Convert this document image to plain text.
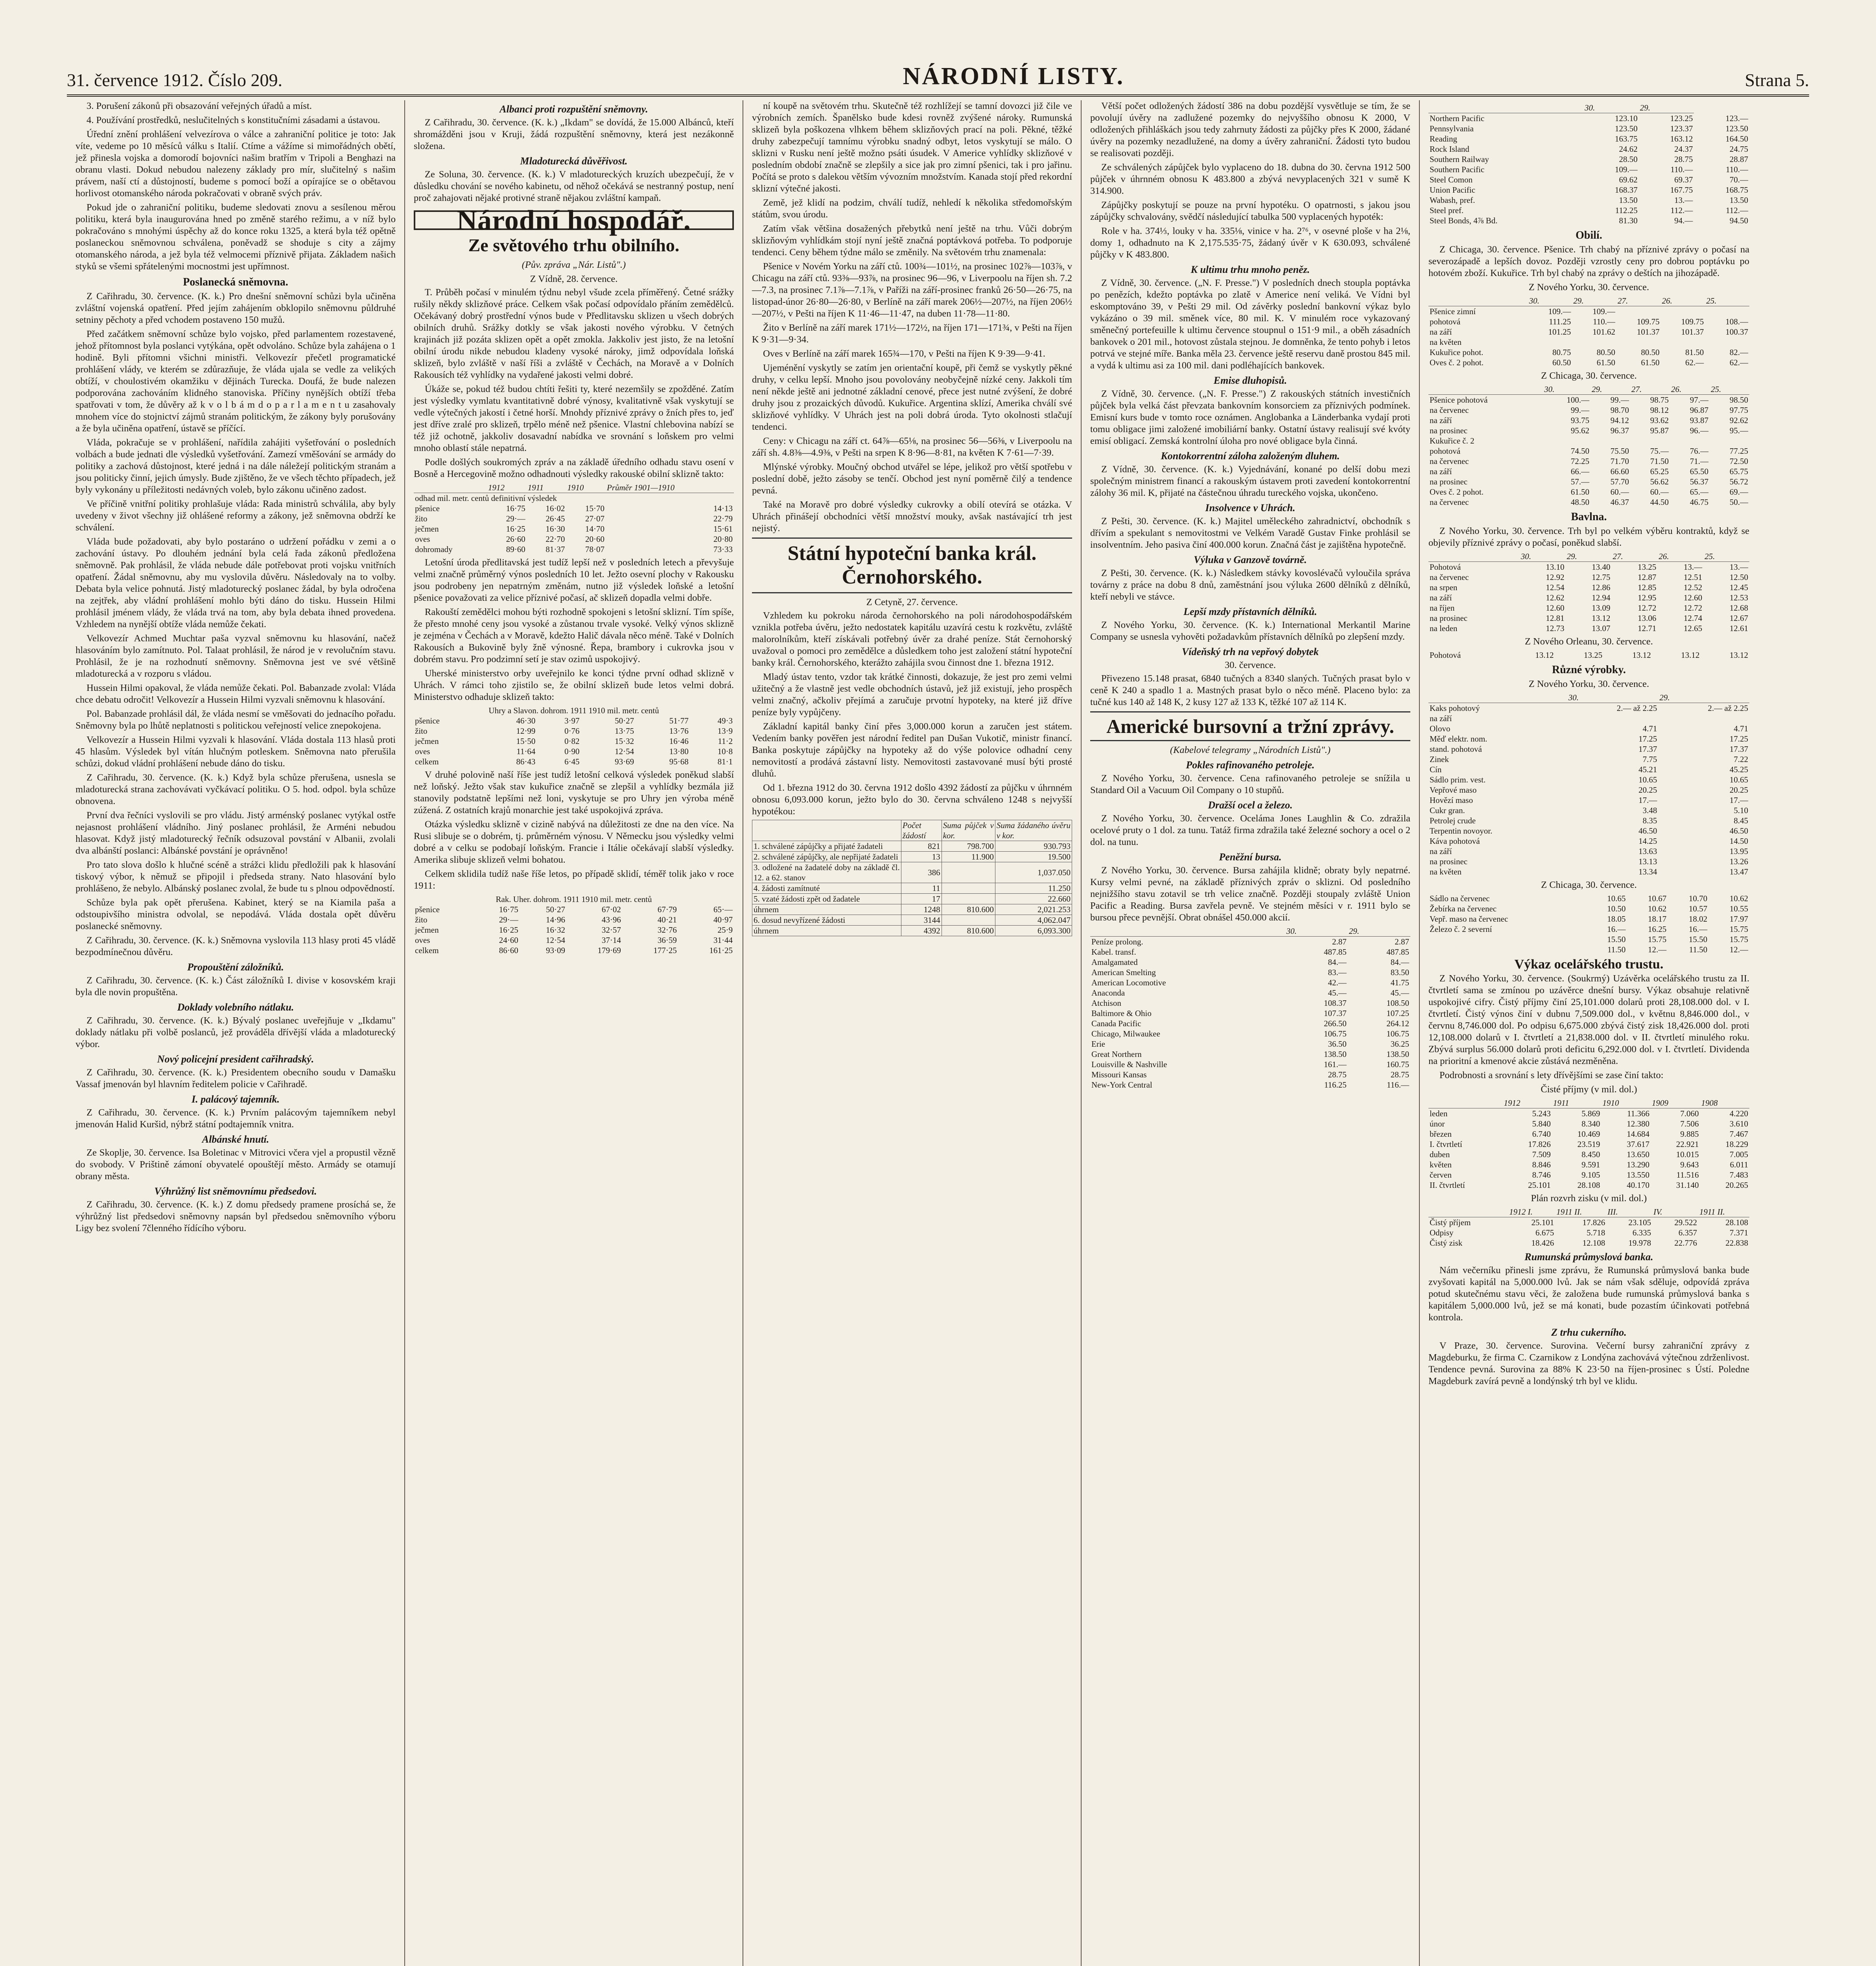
31. července 1912. Číslo 209.	NÁRODNÍ LISTY.	Strana 5.

3. Porušení zákonů při obsazování veřejných úřadů a míst.

4. Používání prostředků, neslučitelných s konstitučními zásadami a ústavou.

Úřední znění prohlášení velvezírova o válce a zahraniční politice je toto: Jak víte, vedeme po 10 měsíců válku s Italií. Ctíme a vážíme si mimořádných obětí, jež přinesla vojska a domorodí bojovníci našim bratřím v Tripoli a Benghazi na obranu vlasti. Dokud nebudou nalezeny základy pro mír, slučitelný s našim právem, naší ctí a důstojností, budeme s pomocí boží a opírajíce se o obětavou horlivost otomanského národa pokračovati v obraně svých práv.

Pokud jde o zahraniční politiku, budeme sledovati znovu a sesílenou měrou politiku, která byla inaugurována hned po změně starého režimu, a v níž bylo pokračováno s mnohými úspěchy až do konce roku 1325, a která byla též opětně poslaneckou sněmovnou schválena, poněvadž se shoduje s city a zájmy otomanského národa, a jež byla též velmocemi příznivě přijata. Základem našich styků se všemi spřátelenými mocnostmi jest upřímnost.

Poslanecká sněmovna.

Z Cařihradu, 30. července. (K. k.) Pro dnešní sněmovní schůzi byla učiněna zvláštní vojenská opatření. Před jejím zahájením obklopilo sněmovnu půldruhé setniny pěchoty a před vchodem postaveno 150 mužů.

Před začátkem sněmovní schůze bylo vojsko, před parlamentem rozestavené, jehož přítomnost byla poslanci vytýkána, opět odvoláno. Schůze byla zahájena o 1 hodině. Byli přítomni všichni ministři. Velkovezír přečetl programatické prohlášení vlády, ve kterém se zdůrazňuje, že vláda ujala se vedle za velikých obtíží, v choulostivém okamžiku v dějinách Turecka. Doufá, že bude nalezen podporována zachováním klidného stanoviska. Příčiny nynějších obtíží třeba spatřovati v tom, že důvěry až k v o l b á m d o p a r l a m e n t u zasahovaly mnohem více do stojnictví zájmů stranám politickým, že zákony byly porušovány a že byla učiněna opatření, ústavě se příčící.

Vláda, pokračuje se v prohlášení, nařídila zahájiti vyšetřování o posledních volbách a bude jednati dle výsledků vyšetřování. Zamezí vměšování se armády do politiky a zachová důstojnost, které jedná i na dále náležejí politickým stranám a jsou politicky činní, jejich úmysly. Bude zjištěno, že ve všech těchto případech, jež byly vykonány u příležitosti nedávných voleb, bylo zákonu učiněno zadost.

Ve příčině vnitřní politiky prohlašuje vláda: Rada ministrů schválila, aby byly uvedeny v život všechny již ohlášené reformy a zákony, jež sněmovna obdrží ke schválení.

Vláda bude požadovati, aby bylo postaráno o udržení pořádku v zemi a o zachování ústavy. Po dlouhém jednání byla celá řada zákonů předložena sněmovně. Pak prohlásil, že vláda nebude dále potřebovat proti vojsku vnitřních opatření. Žádal sněmovnu, aby mu vyslovila důvěru. Následovaly na to volby. Debata byla velice pohnutá. Jistý mladoturecký poslanec žádal, by byla odročena na zejtřek, aby vládní prohlášení mohlo býti dáno do tisku. Hussein Hilmi prohlásil jménem vlády, že vláda trvá na tom, aby byla debata ihned provedena. Vzhledem na nynější obtíže vláda nemůže čekati.

Velkovezír Achmed Muchtar paša vyzval sněmovnu ku hlasování, načež hlasováním bylo zamítnuto. Pol. Talaat prohlásil, že národ je v revolučním stavu. Prohlásil, že je na rozhodnutí sněmovny. Sněmovna jest ve své většině mladoturecká a v rozporu s vládou.

Hussein Hilmi opakoval, že vláda nemůže čekati. Pol. Babanzade zvolal: Vláda chce debatu odročit! Velkovezír a Hussein Hilmi vyzvali sněmovnu k hlasování.

Pol. Babanzade prohlásil dál, že vláda nesmí se vměšovati do jednacího pořadu. Sněmovny byla po lhůtě neplatnosti s politickou veřejností velice znepokojena.

Velkovezír a Hussein Hilmi vyzvali k hlasování. Vláda dostala 113 hlasů proti 45 hlasům. Výsledek byl vítán hlučným potleskem. Sněmovna nato přerušila schůzi, dokud vládní prohlášení nebude dáno do tisku.

Z Cařihradu, 30. července. (K. k.) Když byla schůze přerušena, usnesla se mladoturecká strana zachovávati vyčkávací politiku. O 5. hod. odpol. byla schůze obnovena.

První dva řečníci vyslovili se pro vládu. Jistý arménský poslanec vytýkal ostře nejasnost prohlášení vládního. Jiný poslanec prohlásil, že Arméni nebudou hlasovat. Když jistý mladoturecký řečník odsuzoval povstání v Albanii, zvolali dva albánští poslanci: Albánské povstání je oprávněno!

Pro tato slova došlo k hlučné scéně a strážci klidu předložili pak k hlasování tiskový výbor, k němuž se připojil i předseda strany. Nato hlasování bylo prohlášeno, že nebylo. Albánský poslanec zvolal, že bude tu s plnou odpovědností.

Schůze byla pak opět přerušena. Kabinet, který se na Kiamila paša a odstoupivšího ministra odvolal, se nepodává. Vláda dostala opět důvěru poslanecké sněmovny.

Z Cařihradu, 30. července. (K. k.) Sněmovna vyslovila 113 hlasy proti 45 vládě bezpodmínečnou důvěru.

Propouštění záložníků.

Z Cařihradu, 30. července. (K. k.) Část záložníků I. divise v kosovském kraji byla dle novin propuštěna.

Doklady volebního nátlaku.

Z Cařihradu, 30. července. (K. k.) Bývalý poslanec uveřejňuje v „Ikdamu" doklady nátlaku při volbě poslanců, jež prováděla dřívější vláda a mladoturecký výbor.

Nový policejní president cařihradský.

Z Cařihradu, 30. července. (K. k.) Presidentem obecního soudu v Damašku Vassaf jmenován byl hlavním ředitelem policie v Cařihradě.

I. palácový tajemník.

Z Cařihradu, 30. července. (K. k.) Prvním palácovým tajemníkem nebyl jmenován Halid Kuršid, nýbrž státní podtajemník vnitra.

Albánské hnutí.

Ze Skoplje, 30. července. Isa Boletinac v Mitrovici včera vjel a propustil vězně do svobody. V Prištině zámoní obyvatelé opouštějí město. Armády se otamují obrany města.

Výhrůžný list sněmovnímu předsedovi.

Z Cařihradu, 30. července. (K. k.) Z domu předsedy pramene prosíchá se, že výhrůžný list předsedovi sněmovny napsán byl předsedou sněmovního výboru Ligy bez svolení 7členného řídícího výboru.

Albanci proti rozpuštění sněmovny.

Z Cařihradu, 30. července. (K. k.) „Ikdam" se dovídá, že 15.000 Albánců, kteří shromážděni jsou v Kruji, žádá rozpuštění sněmovny, která jest nezákonně složena.

Mladoturecká důvěřivost.

Ze Soluna, 30. července. (K. k.) V mladotureckých kruzích ubezpečují, že v důsledku chování se nového kabinetu, od něhož očekává se nestranný postup, není proč zahajovati nějaké protivné straně nějakou zvláštní kampaň.

Národní hospodář.
Ze světového trhu obilního.
(Pův. zpráva „Nár. Listů".)
Z Vídně, 28. července.

T. Průběh počasí v minulém týdnu nebyl všude zcela příměřený. Četné srážky rušily někdy sklizňové práce. Celkem však počasí odpovídalo přáním zemědělců. Očekávaný dobrý prostřední výnos bude v Předlitavsku sklizen u všech dobrých obilních druhů. Srážky dotkly se však jakosti nového výrobku. V četných krajinách již pozáta sklizen opět a opět zmokla. Jakkoliv jest jisto, že na letošní obilní úrodu nikde nebudou kladeny vysoké nároky, jimž odpovídala loňská sklizeň, bylo zvláště v naší říši a zvláště v Čechách, na Moravě a v Dolních Rakousích též vyhlídky na vydařené jakosti velmi dobré.

Úkáže se, pokud též budou chtíti řešiti ty, které nezemšily se zpožděné. Zatím jest výsledky vymlatu kvantitativně dobré výnosy, kvalitativně však vyskytují se vedle výtečných jakostí i četné horší. Mnohdy příznivé zprávy o žních přes to, jeď jest dříve zralé pro sklizeň, trpělo méně než pšenice. Vlastní chlebovina nabízí se též již ochotně, jakkoliv dosavadní nabídka ve srovnání s loňskem pro velmi mnoho oblastí stále nepatrná.

Podle došlých soukromých zpráv a na základě úředního odhadu stavu osení v Bosně a Hercegovině možno odhadnouti výsledky rakouské obilní sklizně takto:

	1912	1911	1910	Průměr 1901—1910
odhad mil. metr. centů definitivní výsledek				
pšenice	16·75	16·02	15·70	14·13
žito	29·—	26·45	27·07	22·79
ječmen	16·25	16·30	14·70	15·61
oves	26·60	22·70	20·60	20·80
dohromady	89·60	81·37	78·07	73·33

Letošní úroda předlitavská jest tudíž lepší než v posledních letech a převyšuje velmi značně průměrný výnos posledních 10 let. Ježto osevní plochy v Rakousku jsou podrobeny jen nepatrným změnám, nutno již výsledek loňské a letošní pšenice považovati za velice příznivé počasí, ač sklizeň dopadla velmi dobře.

Rakouští zemědělci mohou býti rozhodně spokojeni s letošní sklizní. Tím spíše, že přesto mnohé ceny jsou vysoké a zůstanou trvale vysoké. Velký výnos sklizně je zejména v Čechách a v Moravě, kdežto Halič dávala něco méně. Také v Dolních Rakousích a Bukovině byly žně výnosné. Řepa, brambory i cukrovka jsou v dobrém stavu. Pro podzimní setí je stav ozimů uspokojivý.

Uherské ministerstvo orby uveřejnilo ke konci týdne první odhad sklizně v Uhrách. V rámci toho zjistilo se, že obilní sklizeň bude letos velmi dobrá. Ministerstvo odhaduje sklizeň takto:

Uhry a Slavon. dohrom. 1911 1910 mil. metr. centů					
pšenice	46·30	3·97	50·27	51·77	49·3
žito	12·99	0·76	13·75	13·76	13·9
ječmen	15·50	0·82	15·32	16·46	11·2
oves	11·64	0·90	12·54	13·80	10·8
celkem	86·43	6·45	93·69	95·68	81·1

V druhé polovině naší říše jest tudíž letošní celková výsledek poněkud slabší než loňský. Ježto však stav kukuřice značně se zlepšil a vyhlídky bezmála již stanovily podstatně lepšími než loni, vyskytuje se pro Uhry jen výroba méně zúžená. Z ostatních krajů monarchie jest také uspokojivá zpráva.

Otázka výsledku sklizně v cizině nabývá na důležitosti ze dne na den více. Na Rusi slibuje se o dobrém, tj. průměrném výnosu. V Německu jsou výsledky velmi dobré a v celku se podobají loňským. Francie i Itálie očekávají slabší výsledky. Amerika slibuje sklizeň velmi bohatou.

Celkem sklidila tudíž naše říše letos, po případě sklidí, téměř tolik jako v roce 1911:

Rak. Uher. dohrom. 1911 1910 mil. metr. centů					
pšenice	16·75	50·27	67·02	67·79	65·—
žito	29·—	14·96	43·96	40·21	40·97
ječmen	16·25	16·32	32·57	32·76	25·9
oves	24·60	12·54	37·14	36·59	31·44
celkem	86·60	93·09	179·69	177·25	161·25

ní koupě na světovém trhu. Skutečně též rozhlížejí se tamní dovozci již čile ve výrobních zemích. Španělsko bude kdesi rovněž zvýšené nároky. Rumunská sklizeň byla poškozena vlhkem během sklizňových prací na poli. Pěkné, těžké druhy zabezpečují tamnímu výrobku snadný odbyt, letos vyskytují se málo. O sklizni v Rusku není ještě možno psáti úsudek. V Americe vyhlídky sklizňové v posledním období značně se zlepšily a sice jak pro zimní pšenici, tak i pro jařinu. Počítá se proto s dalekou větším vývozním množstvím. Kanada stojí před rekordní sklizní výtečné jakosti.

Země, jež klidí na podzim, chválí tudíž, nehledí k několika středomořským státům, svou úrodu.

Zatím však většina dosažených přebytků není ještě na trhu. Vůči dobrým sklizňovým vyhlídkám stojí nyní ještě značná poptávková potřeba. To podporuje tendenci. Ceny během týdne málo se změnily. Na světovém trhu znamenala:

Pšenice v Novém Yorku na září ctů. 100¾—101½, na prosinec 102⅞—103⅞, v Chicagu na září ctů. 93⅜—93⅞, na prosinec 96—96, v Liverpoolu na říjen sh. 7.2—7.3, na prosinec 7.1⅞—7.1⅞, v Paříži na září-prosinec franků 26·50—26·75, na listopad-únor 26·80—26·80, v Berlíně na září marek 206½—207½, na říjen 206½—207½, v Pešti na říjen K 11·46—11·47, na duben 11·78—11·80.

Žito v Berlíně na září marek 171½—172½, na říjen 171—171¾, v Pešti na říjen K 9·31—9·34.

Oves v Berlíně na září marek 165¾—170, v Pešti na říjen K 9·39—9·41.

Ujeménění vyskytly se zatím jen orientační koupě, při čemž se vyskytly pěkné druhy, v celku lepší. Mnoho jsou povolovány neobyčejně nízké ceny. Jakkoli tím není někde ještě ani jednotné základní cenové, přece jest nutné zvýšení, že dobré druhy jsou z prozaických důvodů. Kukuřice. Argentina sklízí, Amerika chválí své sklizňové vyhlídky. V Uhrách jest na poli dobrá úroda. Tyto okolnosti stlačují tendenci.

Ceny: v Chicagu na září ct. 64⅞—65⅛, na prosinec 56—56⅜, v Liverpoolu na září sh. 4.8⅜—4.9⅜, v Pešti na srpen K 8·96—8·81, na květen K 7·61—7·39.

Mlýnské výrobky. Moučný obchod utvářel se lépe, jelikož pro větší spotřebu v poslední době, ježto zásoby se tenčí. Obchod jest nyní poměrně čilý a tendence pevná.

Také na Moravě pro dobré výsledky cukrovky a obilí otevírá se otázka. V Uhrách přinášejí obchodníci větší množství mouky, avšak nastávající trh jest nejistý.

Státní hypoteční banka král. Černohorského.
Z Cetyně, 27. července.

Vzhledem ku pokroku národa černohorského na poli národohospodářském vznikla potřeba úvěru, ježto nedostatek kapitálu uzavírá cestu k rozkvětu, zvláště malorolníkům, kteří získávali potřebný úvěr za drahé peníze. Stát černohorský uvažoval o pomoci pro zemědělce a důsledkem toho jest založení státní hypoteční banky král. Černohorského, kterážto zahájila svou činnost dne 1. března 1912.

Mladý ústav tento, vzdor tak krátké činnosti, dokazuje, že jest pro zemi velmi užitečný a že vlastně jest vedle obchodních ústavů, jež již existují, jeho prospěch velmi značný, ačkoliv přejímá a zaručuje prvotní hypoteky, na které již dříve peníze byly vypůjčeny.

Základní kapitál banky činí přes 3,000.000 korun a zaručen jest státem. Vedením banky pověřen jest národní ředitel pan Dušan Vukotič, ministr financí. Banka poskytuje zápůjčky na hypoteky až do výše polovice odhadní ceny nemovitostí a prodává zástavní listy. Nemovitosti zastavované musí býti prosté dluhů.

Od 1. března 1912 do 30. června 1912 došlo 4392 žádostí za půjčku v úhrnném obnosu 6,093.000 korun, ježto bylo do 30. června schváleno 1248 s nejvyšší hypotékou:

	Počet žádostí	Suma půjček v kor.	Suma žádaného úvěru v kor.
1. schválené zápůjčky a přijaté žadateli	821	798.700	930.793
2. schválené zápůjčky, ale nepřijaté žadateli	13	11.900	19.500
3. odložené na žadatelé doby na základě čl. 12. a 62. stanov	386		1,037.050
4. žádosti zamítnuté	11		11.250
5. vzaté žádosti zpět od žadatele	17		22.660
úhrnem	1248	810.600	2,021.253
6. dosud nevyřízené žádosti	3144		4,062.047
úhrnem	4392	810.600	6,093.300

Větší počet odložených žádostí 386 na dobu pozdější vysvětluje se tím, že se povolují úvěry na zadlužené pozemky do nejvyššího obnosu K 2000, V odložených přihláškách jsou tedy zahrnuty žádosti za půjčky přes K 2000, žádané úvěry na pozemky nezadlužené, na domy a úvěry zahraniční. Žádosti tyto budou se realisovati později.

Ze schválených zápůjček bylo vyplaceno do 18. dubna do 30. června 1912 500 půjček v úhrnném obnosu K 483.800 a zbývá nevyplacených 321 v sumě K 314.900.

Zápůjčky poskytují se pouze na první hypotéku. O opatrnosti, s jakou jsou zápůjčky schvalovány, svědčí následující tabulka 500 vyplacených hypoték:

Role v ha. 374⅓, louky v ha. 335⅛, vinice v ha. 2⁷⁶, v osevné ploše v ha 2⅛, domy 1, odhadnuto na K 2,175.535·75, žádaný úvěr v K 630.093, schválené půjčky v K 483.800.

K ultimu trhu mnoho peněz.

Z Vídně, 30. července. („N. F. Presse.") V posledních dnech stoupla poptávka po penězích, kdežto poptávka po zlatě v Americe není veliká. Ve Vídni byl eskomptováno 39, v Pešti 29 mil. Od závěrky poslední bankovní výkaz bylo vykázáno o 39 mil. směnek více, 80 mil. K. V minulém roce vykazovaný směnečný portefeuille k ultimu července stoupnul o 151·9 mil., a oběh zásadních bankovek o 201 mil., hotovost zůstala stejnou. Je domněnka, že tento pohyb i letos potrvá ve stejné míře. Banka měla 23. července ještě reservu daně prostou 845 mil. a vydá k ultimu asi za 100 mil. dani podléhajících bankovek.

Emise dluhopisů.

Z Vídně, 30. července. („N. F. Presse.") Z rakouských státních investičních půjček byla velká část převzata bankovním konsorciem za příznivých podmínek. Emisní kurs bude v tomto roce oznámen. Anglobanka a Länderbanka vydají proti tomu obligace jimi založené imobiliární banky. Ostatní ústavy realisují své kvóty emisí obligací. Zemská kontrolní úloha pro nové obligace byla činná.

Kontokorrentní záloha založeným dluhem.

Z Vídně, 30. července. (K. k.) Vyjednávání, konané po delší dobu mezi společným ministrem financí a rakouským ústavem proti zavedení kontokorrentní zálohy 36 mil. K, přijaté na částečnou úhradu tureckého vojska, ukončeno.

Insolvence v Uhrách.

Z Pešti, 30. července. (K. k.) Majitel uměleckého zahradnictví, obchodník s dřívím a spekulant s nemovitostmi ve Velkém Varadě Gustav Finke prohlásil se insolventním. Jeho pasiva činí 400.000 korun. Značná část je zajištěna hypotečně.

Výluka v Ganzově továrně.

Z Pešti, 30. července. (K. k.) Následkem stávky kovoslévačů vyloučila správa továrny z práce na dobu 8 dnů, zaměstnání jsou výluka 2600 dělníků z dělníků, kteří nebyli ve stávce.

Lepší mzdy přístavních dělníků.

Z Nového Yorku, 30. července. (K. k.) International Merkantil Marine Company se usnesla vyhověti požadavkům přístavních dělníků po zlepšení mzdy.

Vídeňský trh na vepřový dobytek
30. července.

Přivezeno 15.148 prasat, 6840 tučných a 8340 slaných. Tučných prasat bylo v ceně K 240 a spadlo 1 a. Mastných prasat bylo o něco méně. Placeno bylo: za tučné kus 140 až 148 K, 2 kusy 127 až 133 K, těžké 107 až 114 K.

Americké bursovní a tržní zprávy.
(Kabelové telegramy „Národních Listů".)
Pokles rafinovaného petroleje.

Z Nového Yorku, 30. července. Cena rafinovaného petroleje se snížila u Standard Oil a Vacuum Oil Company o 10 stupňů.

Dražší ocel a železo.

Z Nového Yorku, 30. července. Oceláma Jones Laughlin & Co. zdražila ocelové pruty o 1 dol. za tunu. Tatáž firma zdražila také železné sochory a ocel o 2 dol. na tunu.

Peněžní bursa.

Z Nového Yorku, 30. července. Bursa zahájila klidně; obraty byly nepatrné. Kursy velmi pevné, na základě příznivých zpráv o sklizni. Od posledního nejnižšího stavu zotavil se trh velice značně. Později stoupaly zvláště Union Pacific a Reading. Bursa zavřela pevně. Ve stejném měsíci v r. 1911 bylo se bursou přece pevnější. Obrat obnášel 450.000 akcií.

	30.	29.
Peníze prolong.	2.87	2.87
Kabel. transf.	487.85	487.85
Amalgamated	84.—	84.—
American Smelting	83.—	83.50
American Locomotive	42.—	41.75
Anaconda	45.—	45.—
Atchison	108.37	108.50
Baltimore & Ohio	107.37	107.25
Canada Pacific	266.50	264.12
Chicago, Milwaukee	106.75	106.75
Erie	36.50	36.25
Great Northern	138.50	138.50
Louisville & Nashville	161.—	160.75
Missouri Kansas	28.75	28.75
New-York Central	116.25	116.—
	30.	29.	
Northern Pacific	123.10	123.25	123.—
Pennsylvania	123.50	123.37	123.50
Reading	163.75	163.12	164.50
Rock Island	24.62	24.37	24.75
Southern Railway	28.50	28.75	28.87
Southern Pacific	109.—	110.—	110.—
Steel Comon	69.62	69.37	70.—
Union Pacific	168.37	167.75	168.75
Wabash, pref.	13.50	13.—	13.50
Steel pref.	112.25	112.—	112.—
Steel Bonds, 4⅞ Bd.	81.30	94.—	94.50
Obilí.

Z Chicaga, 30. července. Pšenice. Trh chabý na příznivé zprávy o počasí na severozápadě a lepších dovoz. Později vzrostly ceny pro dobrou poptávku po hotovém zboží. Kukuřice. Trh byl chabý na zprávy o deštích na jihozápadě.

Z Nového Yorku, 30. července.
	30.	29.	27.	26.	25.
Pšenice zimní	109.—	109.—			
pohotová	111.25	110.—	109.75	109.75	108.—
na září	101.25	101.62	101.37	101.37	100.37
na květen					
Kukuřice pohot.	80.75	80.50	80.50	81.50	82.—
Oves č. 2 pohot.	60.50	61.50	61.50	62.—	62.—
Z Chicaga, 30. července.
	30.	29.	27.	26.	25.
Pšenice pohotová	100.—	99.—	98.75	97.—	98.50
na červenec	99.—	98.70	98.12	96.87	97.75
na září	93.75	94.12	93.62	93.87	92.62
na prosinec	95.62	96.37	95.87	96.—	95.—
Kukuřice č. 2					
pohotová	74.50	75.50	75.—	76.—	77.25
na červenec	72.25	71.70	71.50	71.—	72.50
na září	66.—	66.60	65.25	65.50	65.75
na prosinec	57.—	57.70	56.62	56.37	56.72
Oves č. 2 pohot.	61.50	60.—	60.—	65.—	69.—
na červenec	48.50	46.37	44.50	46.75	50.—
Bavlna.

Z Nového Yorku, 30. července. Trh byl po velkém výběru kontraktů, když se objevily příznivé zprávy o počasí, poněkud slabší.

	30.	29.	27.	26.	25.
Pohotová	13.10	13.40	13.25	13.—	13.—
na červenec	12.92	12.75	12.87	12.51	12.50
na srpen	12.54	12.86	12.85	12.52	12.45
na září	12.62	12.94	12.95	12.60	12.53
na říjen	12.60	13.09	12.72	12.72	12.68
na prosinec	12.81	13.12	13.06	12.74	12.67
na leden	12.73	13.07	12.71	12.65	12.61
Z Nového Orleanu, 30. července.
Pohotová	13.12	13.25	13.12	13.12	13.12
Různé výrobky.
Z Nového Yorku, 30. července.
	30.	29.
Kaks pohotový	2.— až 2.25	2.— až 2.25
na září		
Olovo	4.71	4.71
Měď elektr. nom.	17.25	17.25
stand. pohotová	17.37	17.37
Zinek	7.75	7.22
Cín	45.21	45.25
Sádlo prim. vest.	10.65	10.65
Vepřové maso	20.25	20.25
Hovězí maso	17.—	17.—
Cukr gran.	3.48	5.10
Petrolej crude	8.35	8.45
Terpentin novoyor.	46.50	46.50
Káva pohotová	14.25	14.50
na září	13.63	13.95
na prosinec	13.13	13.26
na květen	13.34	13.47
Z Chicaga, 30. července.
Sádlo na červenec	10.65	10.67	10.70	10.62
Žebírka na červenec	10.50	10.62	10.57	10.55
Vepř. maso na červenec	18.05	18.17	18.02	17.97
Železo č. 2 severní	16.—	16.25	16.—	15.75
	15.50	15.75	15.50	15.75
	11.50	12.—	11.50	12.—
Výkaz ocelářského trustu.

Z Nového Yorku, 30. července. (Soukrmý) Uzávěrka ocelářského trustu za II. čtvrtletí sama se zmínou po uzávěrce dnešní bursy. Výkaz obsahuje relativně uspokojivé cifry. Čistý příjmy činí 25,101.000 dolarů proti 28,108.000 dol. v I. čtvrtletí. Čistý výnos činí v dubnu 7,509.000 dol., v květnu 8,846.000 dol., v červnu 8,746.000 dol. Po odpisu 6,675.000 zbývá čistý zisk 18,426.000 dol. proti 12,108.000 dolarů v I. čtvrtletí a 21,838.000 dol. v II. čtvrtletí minulého roku. Zbývá surplus 56.000 dolarů proti deficitu 6,292.000 dol. v I. čtvrtletí. Dividenda na prioritní a kmenové akcie zůstává nezměněna.

Podrobnosti a srovnání s lety dřívějšími se zase činí takto:

Čisté příjmy (v mil. dol.)
	1912	1911	1910	1909	1908
leden	5.243	5.869	11.366	7.060	4.220
únor	5.840	8.340	12.380	7.506	3.610
březen	6.740	10.469	14.684	9.885	7.467
I. čtvrtletí	17.826	23.519	37.617	22.921	18.229
duben	7.509	8.450	13.650	10.015	7.005
květen	8.846	9.591	13.290	9.643	6.011
červen	8.746	9.105	13.550	11.516	7.483
II. čtvrtletí	25.101	28.108	40.170	31.140	20.265
Plán rozvrh zisku (v mil. dol.)
	1912 I.	1911 II.	III.	IV.	1911 II.
Čistý příjem	25.101	17.826	23.105	29.522	28.108
Odpisy	6.675	5.718	6.335	6.357	7.371
Čistý zisk	18.426	12.108	19.978	22.776	22.838
Rumunská průmyslová banka.

Nám večerníku přinesli jsme zprávu, že Rumunská průmyslová banka bude zvyšovati kapitál na 5,000.000 lvů. Jak se nám však sděluje, odpovídá zpráva potud skutečnému stavu věci, že založena bude rumunská průmyslová banka s kapitálem 5,000.000 lvů, jež se má konati, bude pozastím účinkovati potřebná kontrola.

Z trhu cukerního.

V Praze, 30. července. Surovina. Večerní bursy zahraniční zprávy z Magdeburku, že firma C. Czarnikow z Londýna zachovává výtečnou zdrženlivost. Tendence pevná. Surovina za 88% K 23·50 na říjen-prosinec s Ústí. Poledne Magdeburk zavírá pevně a londýnský trh byl ve klidu.
